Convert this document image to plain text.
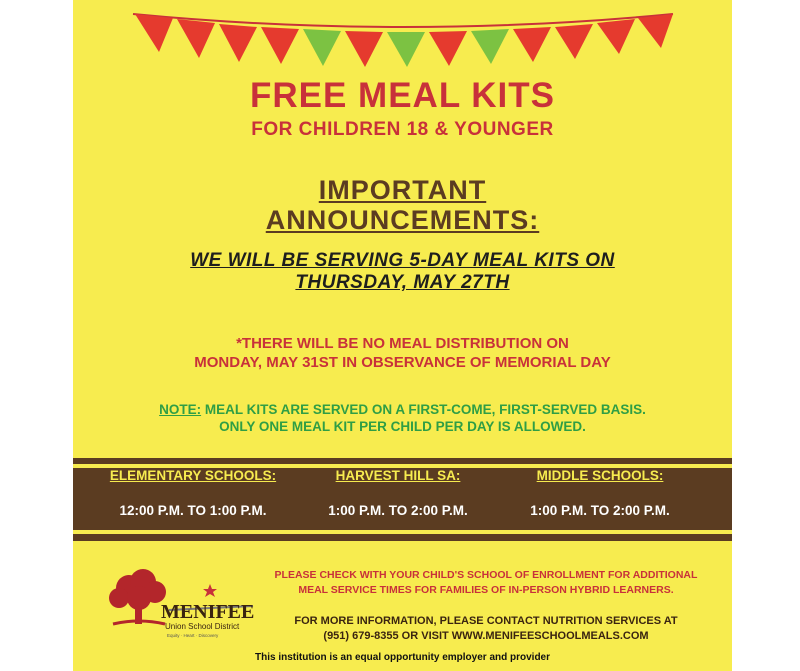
FREE MEAL KITS
FOR CHILDREN 18 & YOUNGER
IMPORTANT
ANNOUNCEMENTS:
WE WILL BE SERVING 5-DAY MEAL KITS ON
THURSDAY, MAY 27TH
*THERE WILL BE NO MEAL DISTRIBUTION ON
MONDAY, MAY 31ST IN OBSERVANCE OF MEMORIAL DAY
NOTE: MEAL KITS ARE SERVED ON A FIRST-COME, FIRST-SERVED BASIS.
ONLY ONE MEAL KIT PER CHILD PER DAY IS ALLOWED.
ELEMENTARY SCHOOLS:
12:00 P.M. TO 1:00 P.M.
HARVEST HILL SA:
1:00 P.M. TO 2:00 P.M.
MIDDLE SCHOOLS:
1:00 P.M. TO 2:00 P.M.
MENIFEE
Union School District
Equity · Heart · Discovery
PLEASE CHECK WITH YOUR CHILD'S SCHOOL OF ENROLLMENT FOR ADDITIONAL
MEAL SERVICE TIMES FOR FAMILIES OF IN-PERSON HYBRID LEARNERS.
FOR MORE INFORMATION, PLEASE CONTACT NUTRITION SERVICES AT
(951) 679-8355 OR VISIT WWW.MENIFEESCHOOLMEALS.COM
This institution is an equal opportunity employer and provider
